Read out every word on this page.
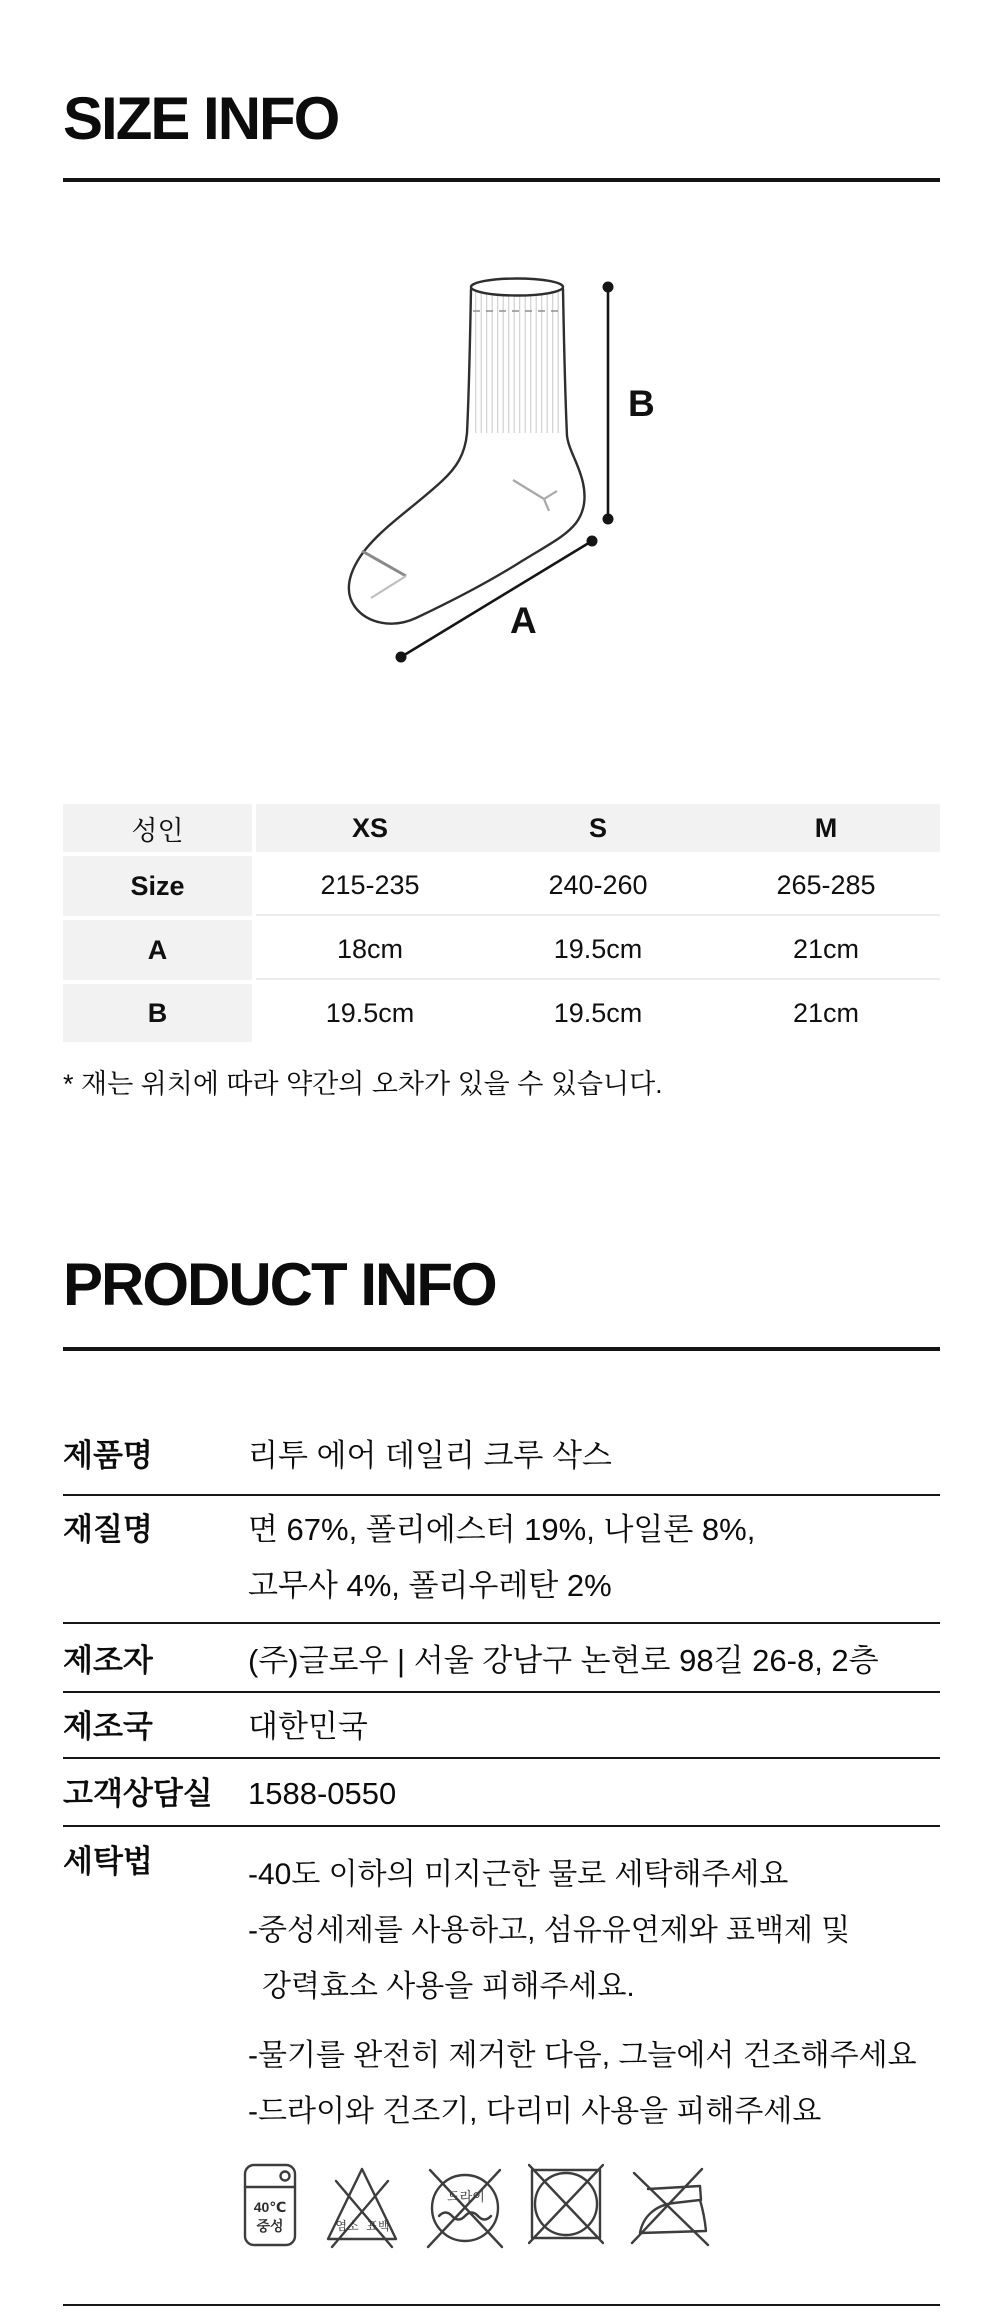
SIZE INFO
B
A
성인	XS	S	M
Size	215-235	240-260	265-285
A	18cm	19.5cm	21cm
B	19.5cm	19.5cm	21cm
* 재는 위치에 따라 약간의 오차가 있을 수 있습니다.
PRODUCT INFO
제품명	리투 에어 데일리 크루 삭스
재질명	면 67%, 폴리에스터 19%, 나일론 8%,
고무사 4%, 폴리우레탄 2%
제조자	(주)글로우 | 서울 강남구 논현로 98길 26-8, 2층
제조국	대한민국
고객상담실	1588-0550
세탁법	-40도 이하의 미지근한 물로 세탁해주세요
-중성세제를 사용하고, 섬유유연제와 표백제 및
강력효소 사용을 피해주세요.
-물기를 완전히 제거한 다음, 그늘에서 건조해주세요
-드라이와 건조기, 다리미 사용을 피해주세요
40℃
중성	염소 표백
드라이
